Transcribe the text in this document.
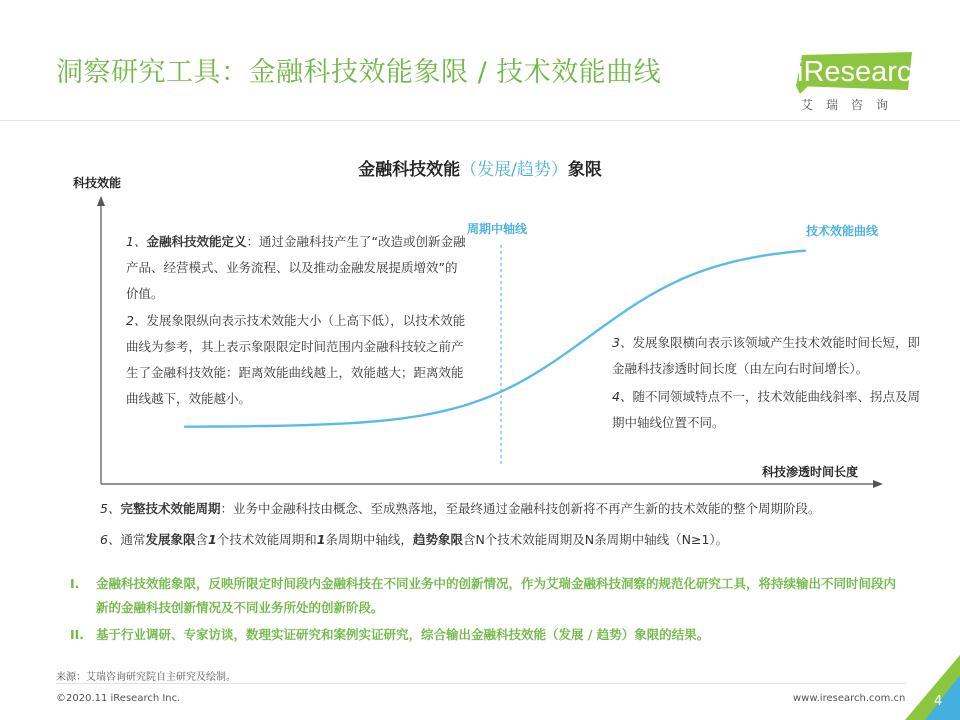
洞察研究工具：金融科技效能象限 / 技术效能曲线	iResearch
艾瑞咨询
金融科技效能（发展/趋势）象限
科技效能
科技渗透时间长度
周期中轴线	技术效能曲线
1、金融科技效能定义：通过金融科技产生了“改造或创新金融产品、经营模式、业务流程、以及推动金融发展提质增效”的价值。
2、发展象限纵向表示技术效能大小（上高下低），以技术效能曲线为参考，其上表示象限限定时间范围内金融科技较之前产生了金融科技效能：距离效能曲线越上，效能越大；距离效能曲线越下，效能越小。
3、发展象限横向表示该领域产生技术效能时间长短，即金融科技渗透时间长度（由左向右时间增长）。
4、随不同领域特点不一，技术效能曲线斜率、拐点及周期中轴线位置不同。
5、完整技术效能周期：业务中金融科技由概念、至成熟落地，至最终通过金融科技创新将不再产生新的技术效能的整个周期阶段。
6、通常发展象限含1个技术效能周期和1条周期中轴线，趋势象限含N个技术效能周期及N条周期中轴线（N≥1）。
I.	金融科技效能象限，反映所限定时间段内金融科技在不同业务中的创新情况，作为艾瑞金融科技洞察的规范化研究工具，将持续输出不同时间段内新的金融科技创新情况及不同业务所处的创新阶段。
II. 基于行业调研、专家访谈，数理实证研究和案例实证研究，综合输出金融科技效能（发展 / 趋势）象限的结果。
来源：艾瑞咨询研究院自主研究及绘制。
©2020.11 iResearch Inc.	www.iresearch.com.cn 4
